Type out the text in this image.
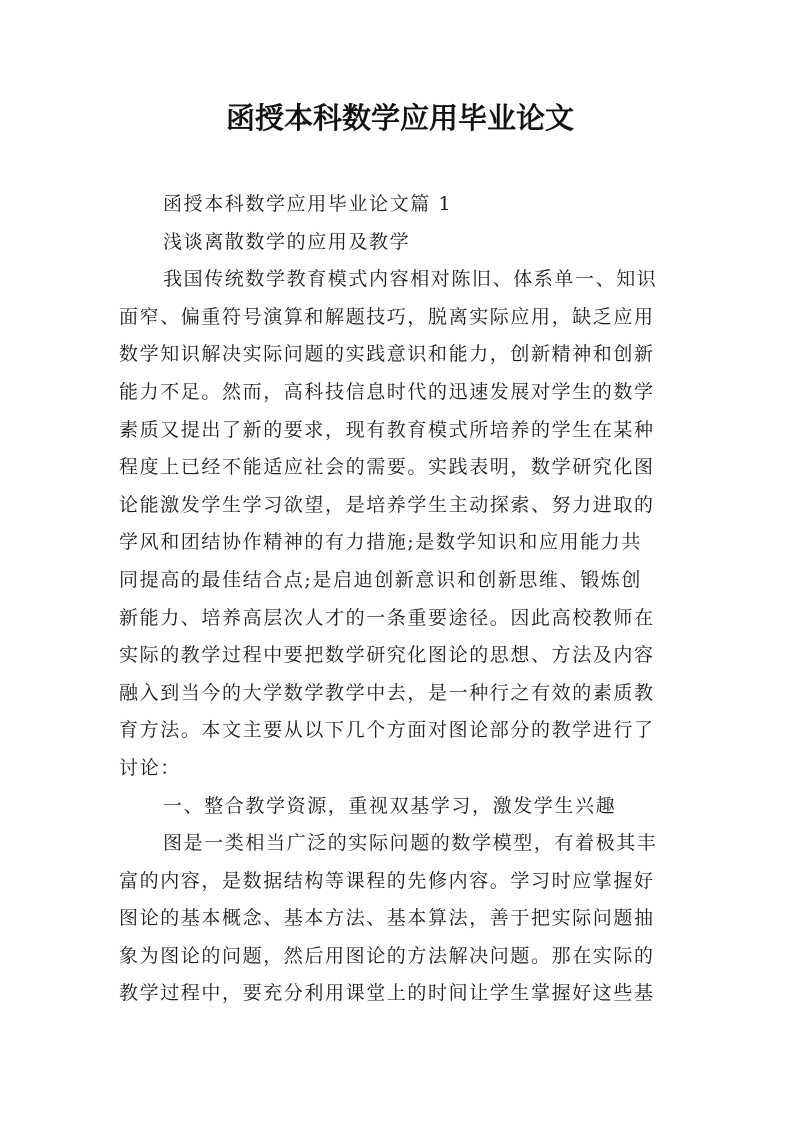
函授本科数学应用毕业论文
函授本科数学应用毕业论文篇 1
浅谈离散数学的应用及教学
我国传统数学教育模式内容相对陈旧、体系单一、知识
面窄、偏重符号演算和解题技巧，脱离实际应用，缺乏应用
数学知识解决实际问题的实践意识和能力，创新精神和创新
能力不足。然而，高科技信息时代的迅速发展对学生的数学
素质又提出了新的要求，现有教育模式所培养的学生在某种
程度上已经不能适应社会的需要。实践表明，数学研究化图
论能激发学生学习欲望，是培养学生主动探索、努力进取的
学风和团结协作精神的有力措施;是数学知识和应用能力共
同提高的最佳结合点;是启迪创新意识和创新思维、锻炼创
新能力、培养高层次人才的一条重要途径。因此高校教师在
实际的教学过程中要把数学研究化图论的思想、方法及内容
融入到当今的大学数学教学中去，是一种行之有效的素质教
育方法。本文主要从以下几个方面对图论部分的教学进行了
讨论：
一、整合教学资源，重视双基学习，激发学生兴趣
图是一类相当广泛的实际问题的数学模型，有着极其丰
富的内容，是数据结构等课程的先修内容。学习时应掌握好
图论的基本概念、基本方法、基本算法，善于把实际问题抽
象为图论的问题，然后用图论的方法解决问题。那在实际的
教学过程中，要充分利用课堂上的时间让学生掌握好这些基
